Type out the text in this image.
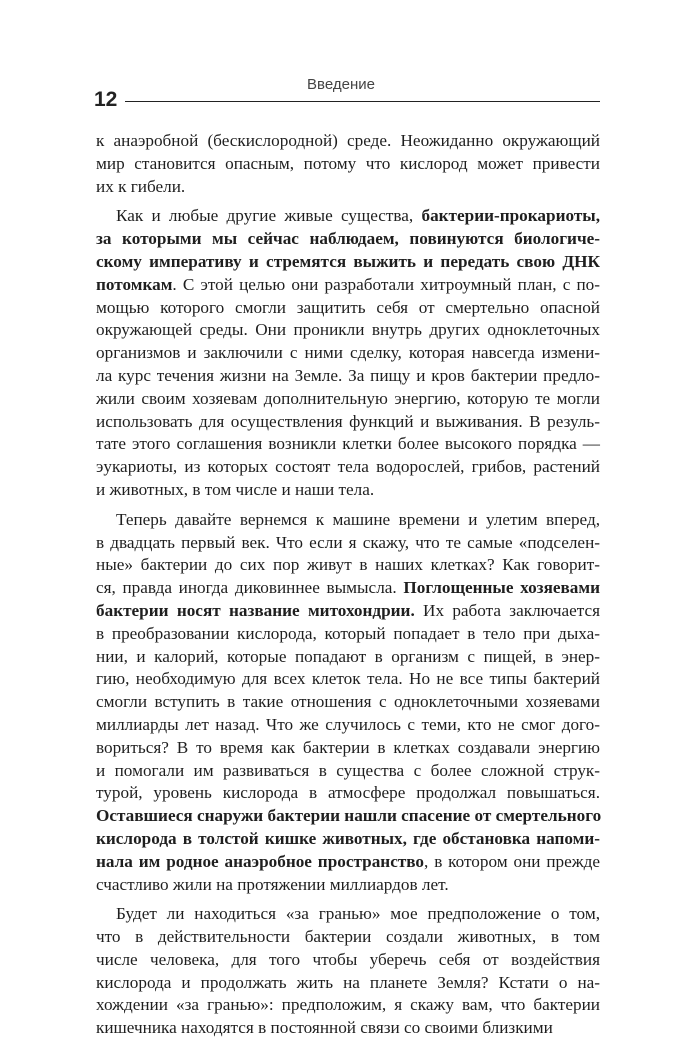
Введение
12
к анаэробной (бескислородной) среде. Неожиданно окружающий
мир становится опасным, потому что кислород может привести
их к гибели.
Как и любые другие живые существа, бактерии-прокариоты,
за которыми мы сейчас наблюдаем, повинуются биологиче-
скому императиву и стремятся выжить и передать свою ДНК
потомкам. С этой целью они разработали хитроумный план, с по-
мощью которого смогли защитить себя от смертельно опасной
окружающей среды. Они проникли внутрь других одноклеточных
организмов и заключили с ними сделку, которая навсегда измени-
ла курс течения жизни на Земле. За пищу и кров бактерии предло-
жили своим хозяевам дополнительную энергию, которую те могли
использовать для осуществления функций и выживания. В резуль-
тате этого соглашения возникли клетки более высокого порядка —
эукариоты, из которых состоят тела водорослей, грибов, растений
и животных, в том числе и наши тела.
Теперь давайте вернемся к машине времени и улетим вперед,
в двадцать первый век. Что если я скажу, что те самые «подселен-
ные» бактерии до сих пор живут в наших клетках? Как говорит-
ся, правда иногда диковиннее вымысла. Поглощенные хозяевами
бактерии носят название митохондрии. Их работа заключается
в преобразовании кислорода, который попадает в тело при дыха-
нии, и калорий, которые попадают в организм с пищей, в энер-
гию, необходимую для всех клеток тела. Но не все типы бактерий
смогли вступить в такие отношения с одноклеточными хозяевами
миллиарды лет назад. Что же случилось с теми, кто не смог дого-
вориться? В то время как бактерии в клетках создавали энергию
и помогали им развиваться в существа с более сложной струк-
турой, уровень кислорода в атмосфере продолжал повышаться.
Оставшиеся снаружи бактерии нашли спасение от смертельного
кислорода в толстой кишке животных, где обстановка напоми-
нала им родное анаэробное пространство, в котором они прежде
счастливо жили на протяжении миллиардов лет.
Будет ли находиться «за гранью» мое предположение о том,
что в действительности бактерии создали животных, в том
числе человека, для того чтобы уберечь себя от воздействия
кислорода и продолжать жить на планете Земля? Кстати о на-
хождении «за гранью»: предположим, я скажу вам, что бактерии
кишечника находятся в постоянной связи со своими близкими
